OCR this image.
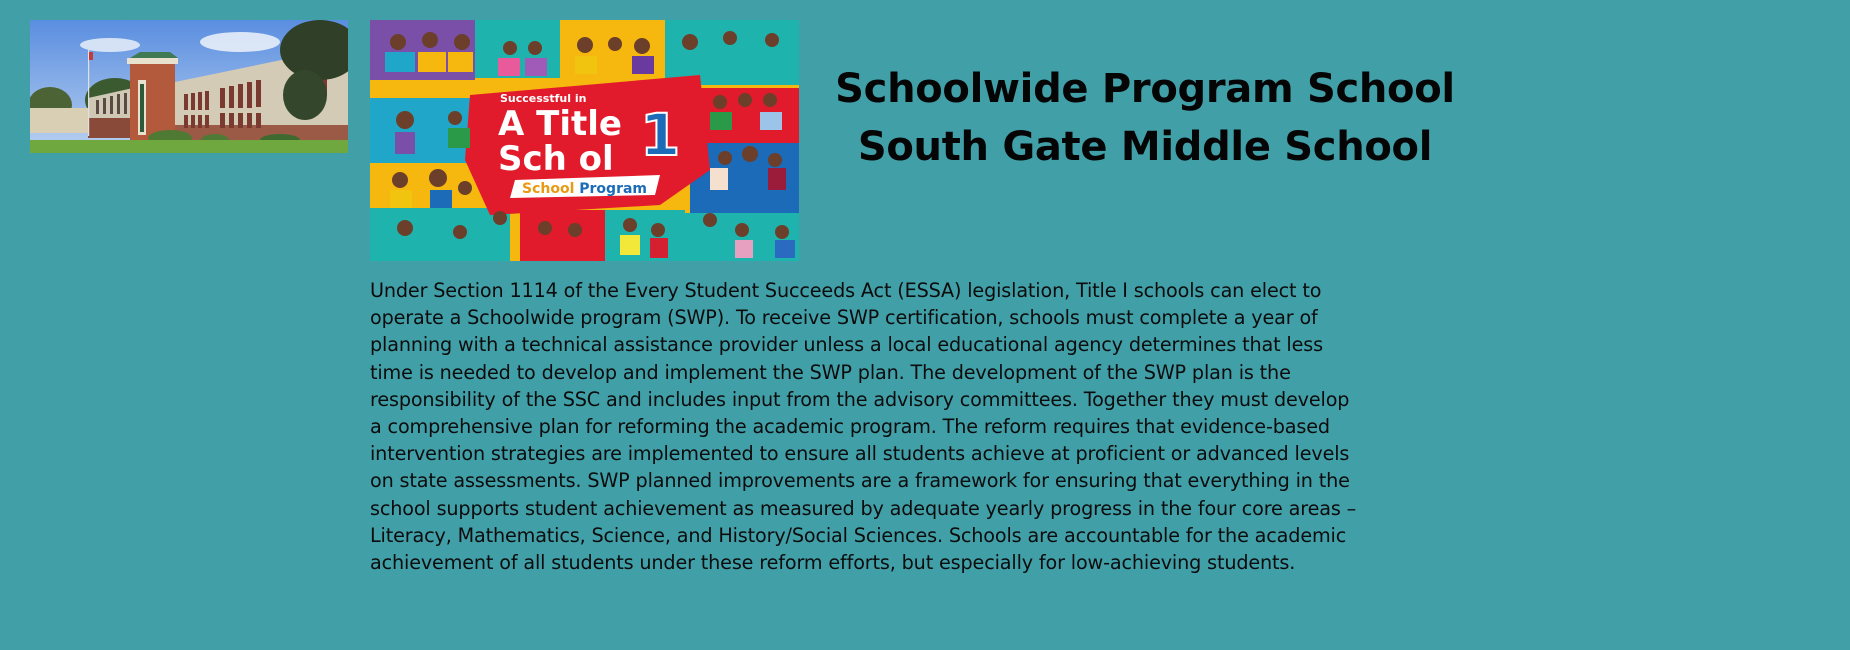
Successtful in
A Title
Sch ol 1
School Program
Schoolwide Program School
South Gate Middle School
Under Section 1114 of the Every Student Succeeds Act (ESSA) legislation, Title I schools can elect to
operate a Schoolwide program (SWP). To receive SWP certification, schools must complete a year of
planning with a technical assistance provider unless a local educational agency determines that less
time is needed to develop and implement the SWP plan. The development of the SWP plan is the
responsibility of the SSC and includes input from the advisory committees. Together they must develop
a comprehensive plan for reforming the academic program. The reform requires that evidence-based
intervention strategies are implemented to ensure all students achieve at proficient or advanced levels
on state assessments. SWP planned improvements are a framework for ensuring that everything in the
school supports student achievement as measured by adequate yearly progress in the four core areas –
Literacy, Mathematics, Science, and History/Social Sciences. Schools are accountable for the academic
achievement of all students under these reform efforts, but especially for low-achieving students.
